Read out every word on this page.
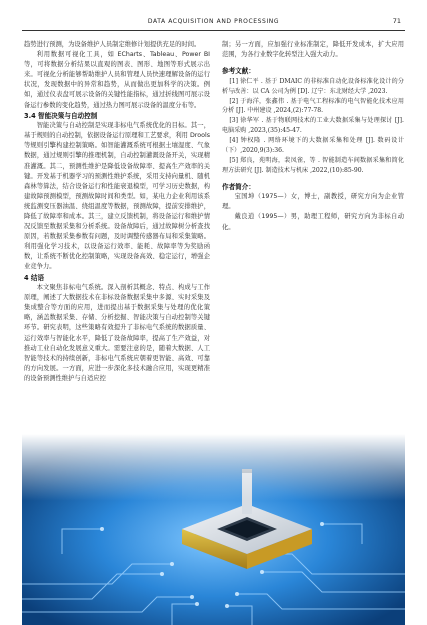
DATA ACQUISITION AND PROCESSING	71

趋势进行预测，为设备维护人员制定维修计划提供充足的时间。

利用数据可视化工具，如 ECharts、Tableau、Power BI 等，可将数据分析结果以直观的图表、图形、地图等形式展示出来。可视化分析能够帮助维护人员和管理人员快速理解设备的运行状况，发现数据中的异常和趋势，从而做出更加科学的决策。例如，通过仪表盘可展示设备的关键性能指标，通过折线图可展示设备运行参数的变化趋势，通过热力图可展示设备的温度分布等。

3.4 智能决策与自动控制

智能决策与自动控制是实现非标电气系统优化的目标。其一，基于规则的自动控制，依据设备运行原理和工艺要求，利用 Drools 等规则引擎构建控制策略。如智能灌溉系统可根据土壤湿度、气象数据，通过规则引擎的推理机制，自动控制灌溉设备开关，实现精准灌溉。其二，预测性维护是降低设备故障率、提高生产效率的关键。开发基于机器学习的预测性维护系统，采用支持向量机、随机森林等算法，结合设备运行和性能衰退模型，可学习历史数据，构建故障预测模型，预测故障时间和类型。如，某电力企业利用该系统监测变压器油温、绕组温度等数据，预测故障，提前安排维护，降低了故障率和成本。其三，建立反馈机制，将设备运行和维护情况反馈至数据采集和分析系统。设备故障后，通过故障树分析查找原因，若数据采集参数有问题，及时调整传感器布局和采集策略。利用强化学习技术，以设备运行效率、能耗、故障率等为奖励函数，让系统不断优化控制策略，实现设备高效、稳定运行，增强企业竞争力。

4 结语

本文聚焦非标电气系统。深入剖析其概念、特点、构成与工作原理，阐述了大数据技术在非标设备数据采集中多源、实时采集及集成整合等方面的应用，进而提出基于数据采集与处理的优化策略，涵盖数据采集、存储、分析挖掘、智能决策与自动控制等关键环节。研究表明，这些策略有效提升了非标电气系统的数据质量、运行效率与智能化水平，降低了设备故障率，提高了生产效益，对推动工业自动化发展意义重大。需要注意的是，随着大数据、人工智能等技术的持续创新，非标电气系统应朝着更智能、高效、可靠的方向发展。一方面，应进一步深化多技术融合应用，实现更精准的设备预测性维护与自适应控

制；另一方面，应加强行业标准制定，降低开发成本，扩大应用范围，为各行业数字化转型注入强大动力。

参考文献：

[1] 徐仁平 . 基于 DMAIC 的非标准自动化设备标准化设计的分析与改善：以 CA 公司为例 [D]. 辽宁：东北财经大学 ,2023.

[2] 于海洋，张鑫伟 . 基于电气工程标准的电气智能化技术应用分析 [J]. 中州建设 ,2024,(2):77-78.

[3] 徐华军 . 基于物联网技术的工业大数据采集与处理探讨 [J]. 电脑采购 ,2023,(35):45-47.

[4] 钟权隆 . 网络环境下的大数据采集和处理 [J]. 数码设计（下）,2020,9(3):36.

[5] 郑良，苑明海，裴凤雀，等 . 智能制造车间数据采集和简化理方法研究 [J]. 制造技术与机床 ,2022,(10):85-90.

作者简介：

宝国坤（1975—）女，博士，副教授，研究方向为企业管理。

戴良逍（1995—）男，助理工程师，研究方向为非标自动化。
